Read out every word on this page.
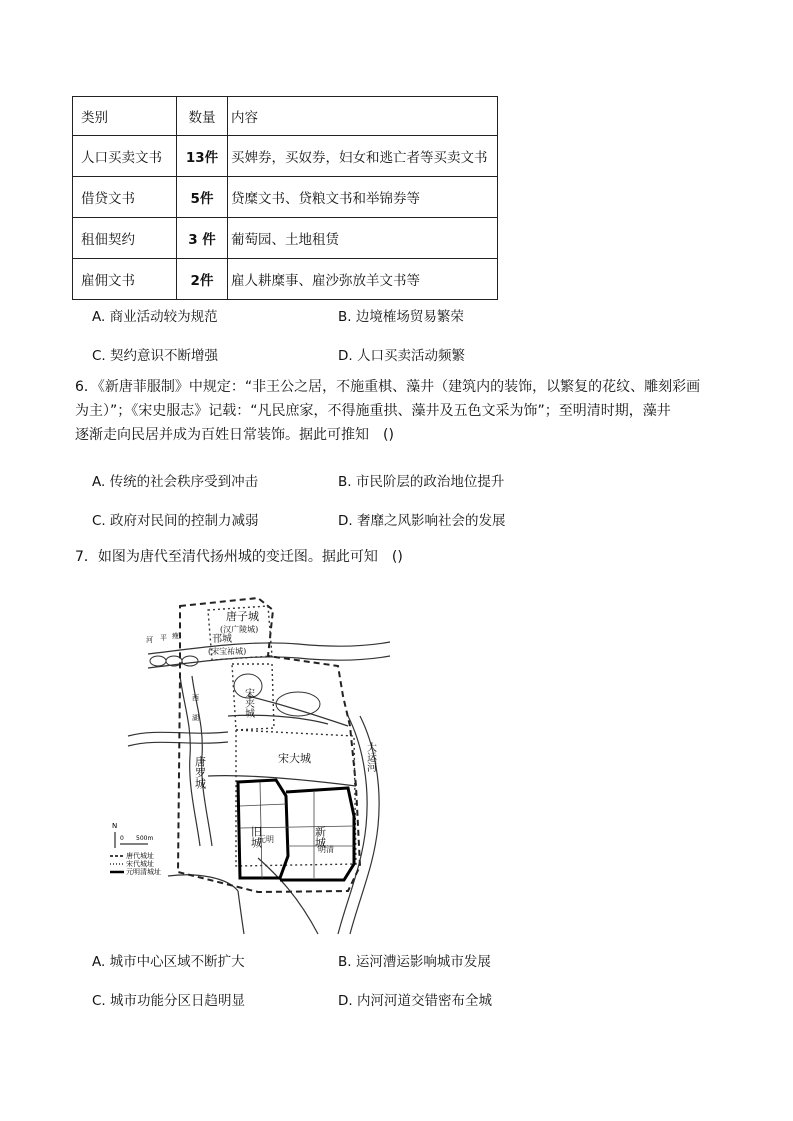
类别	数量	内容
人口买卖文书	13件	买婢券，买奴券，妇女和逃亡者等买卖文书
借贷文书	5件	贷糜文书、贷粮文书和举锦券等
租佃契约	3 件	葡萄园、土地租赁
雇佣文书	2件	雇人耕糜事、雇沙弥放羊文书等
A. 商业活动较为规范	B. 边境榷场贸易繁荣
C. 契约意识不断增强	D. 人口买卖活动频繁
6．《新唐菲服制》中规定：“非王公之居，不施重棋、藻井（建筑内的装饰，以繁复的花纹、雕刻彩画
为主）”；《宋史服志》记载：“凡民庶家，不得施重拱、藻井及五色文采为饰”；至明清时期，藻井
逐渐走向民居并成为百姓日常装饰。据此可推知　()
A. 传统的社会秩序受到冲击	B. 市民阶层的政治地位提升
C. 政府对民间的控制力减弱	D. 奢靡之风影响社会的发展
7．如图为唐代至清代扬州城的变迁图。据此可知　()
唐子城
(汉广陵城)
邗城
(宋宝祐城)
宋夹城
宋大城
唐罗城
旧城
元明	新城
明清
大运河
河 平 瘦
西
湖
N
0 500m
唐代城址
宋代城址
元明清城址
A. 城市中心区域不断扩大	B. 运河漕运影响城市发展
C. 城市功能分区日趋明显	D. 内河河道交错密布全城
